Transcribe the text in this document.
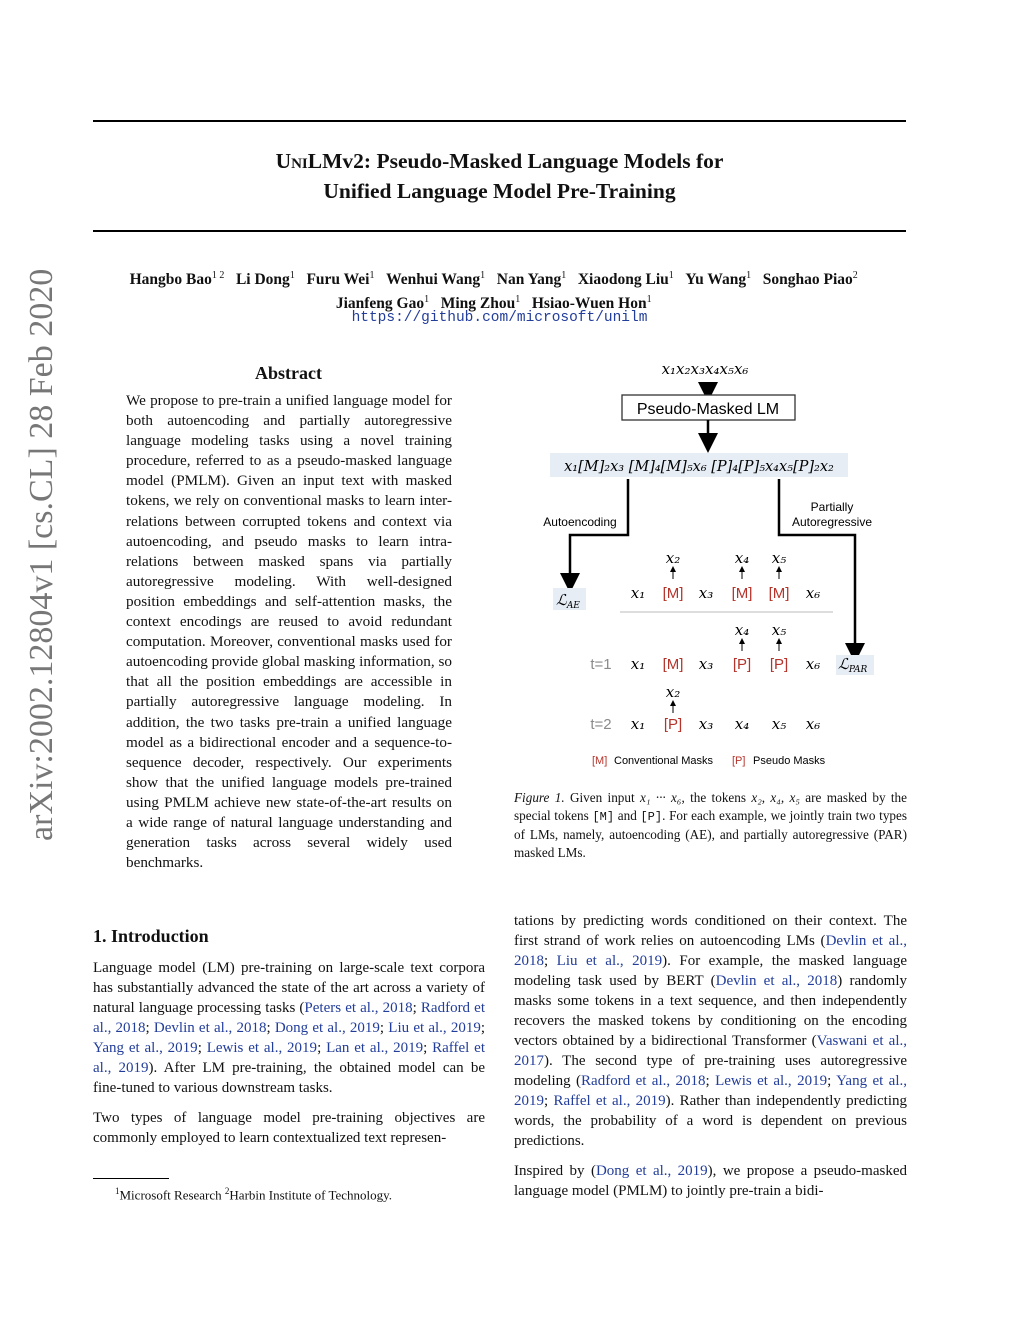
UniLMv2: Pseudo-Masked Language Models for
Unified Language Model Pre-Training
Hangbo Bao$^{1 2}$ Li Dong$^1$ Furu Wei$^1$ Wenhui Wang$^1$ Nan Yang$^1$ Xiaodong Liu$^1$ Yu Wang$^1$ Songhao Piao$^2$
Jianfeng Gao$^1$ Ming Zhou$^1$ Hsiao-Wuen Hon$^1$
https://github.com/microsoft/unilm
arXiv:2002.12804v1 [cs.CL] 28 Feb 2020	Abstract
We propose to pre-train a unified language model for both autoencoding and partially autoregressive language modeling tasks using a novel training procedure, referred to as a pseudo-masked language model (PMLM). Given an input text with masked tokens, we rely on conventional masks to learn inter-relations between corrupted tokens and context via autoencoding, and pseudo masks to learn intra-relations between masked spans via partially autoregressive modeling. With well-designed position embeddings and self-attention masks, the context encodings are reused to avoid redundant computation. Moreover, conventional masks used for autoencoding provide global masking information, so that all the position embeddings are accessible in partially autoregressive language modeling. In addition, the two tasks pre-train a unified language model as a bidirectional encoder and a sequence-to-sequence decoder, respectively. Our experiments show that the unified language models pre-trained using PMLM achieve new state-of-the-art results on a wide range of natural language understanding and generation tasks across several widely used benchmarks.
1. Introduction

Language model (LM) pre-training on large-scale text corpora has substantially advanced the state of the art across a variety of natural language processing tasks (Peters et al., 2018; Radford et al., 2018; Devlin et al., 2018; Dong et al., 2019; Liu et al., 2019; Yang et al., 2019; Lewis et al., 2019; Lan et al., 2019; Raffel et al., 2019). After LM pre-training, the obtained model can be fine-tuned to various downstream tasks.

Two types of language model pre-training objectives are commonly employed to learn contextualized text represen-

$^1$Microsoft Research $^2$Harbin Institute of Technology.

tations by predicting words conditioned on their context. The first strand of work relies on autoencoding LMs (Devlin et al., 2018; Liu et al., 2019). For example, the masked language modeling task used by BERT (Devlin et al., 2018) randomly masks some tokens in a text sequence, and then independently recovers the masked tokens by conditioning on the encoding vectors obtained by a bidirectional Transformer (Vaswani et al., 2017). The second type of pre-training uses autoregressive modeling (Radford et al., 2018; Lewis et al., 2019; Yang et al., 2019; Raffel et al., 2019). Rather than independently predicting words, the probability of a word is dependent on previous predictions.

Inspired by (Dong et al., 2019), we propose a pseudo-masked language model (PMLM) to jointly pre-train a bidi-

x₁x₂x₃x₄x₅x₆
Pseudo-Masked LM
x₁[M]₂x₃ [M]₄[M]₅x₆ [P]₄[P]₅x₄x₅[P]₂x₂
Autoencoding
Partially
Autoregressive
ℒ$_{AE}$
x₂	x₄ x₅
x₁ [M] x₃ [M] [M] x₆
x₄ x₅
t=1 x₁ [M] x₃ [P] [P] x₆ ℒ$_{PAR}$
x₂
t=2 x₁ [P] x₃ x₄ x₅ x₆
[M] Conventional Masks [P] Pseudo Masks
Figure 1. Given input x₁ ··· x₆, the tokens x₂, x₄, x₅ are masked by the special tokens [M] and [P]. For each example, we jointly train two types of LMs, namely, autoencoding (AE), and partially autoregressive (PAR) masked LMs.
